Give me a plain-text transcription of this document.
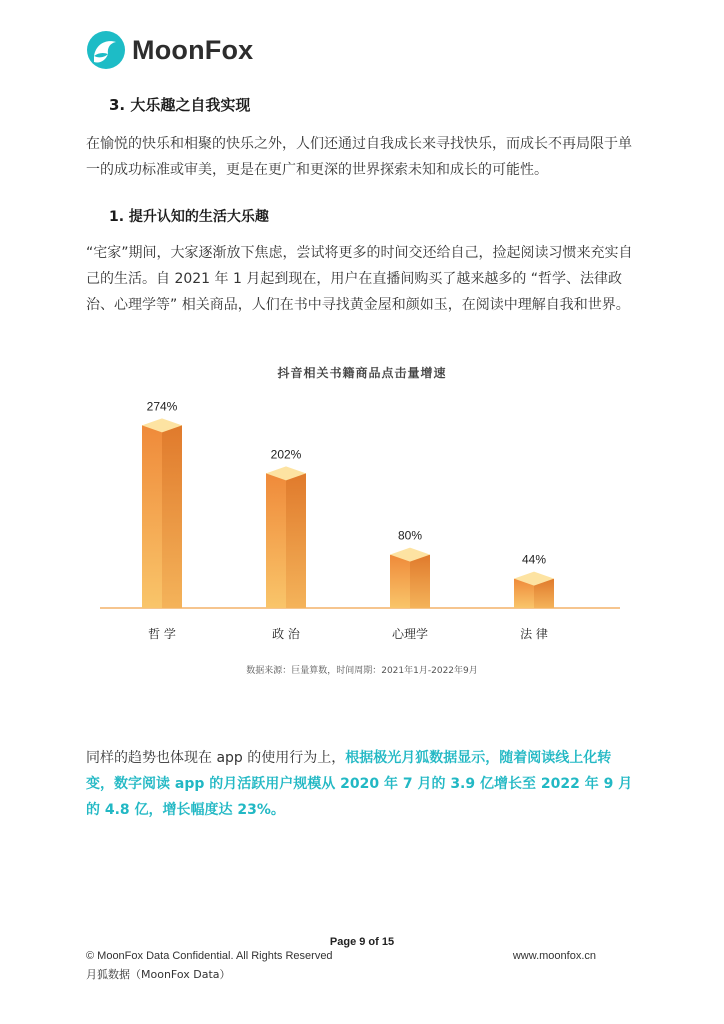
MoonFox
3. 大乐趣之自我实现
在愉悦的快乐和相聚的快乐之外，人们还通过自我成长来寻找快乐，而成长不再局限于单一的成功标准或审美，更是在更广和更深的世界探索未知和成长的可能性。
1. 提升认知的生活大乐趣
“宅家”期间，大家逐渐放下焦虑，尝试将更多的时间交还给自己，捡起阅读习惯来充实自己的生活。自 2021 年 1 月起到现在，用户在直播间购买了越来越多的 “哲学、法律政治、心理学等” 相关商品，人们在书中寻找黄金屋和颜如玉，在阅读中理解自我和世界。
抖音相关书籍商品点击量增速
274%
哲 学
202%
政 治
80%
心理学
44%
法 律
数据来源：巨量算数，时间周期：2021年1月-2022年9月
同样的趋势也体现在 app 的使用行为上，根据极光月狐数据显示，随着阅读线上化转变，数字阅读 app 的月活跃用户规模从 2020 年 7 月的 3.9 亿增长至 2022 年 9 月的 4.8 亿，增长幅度达 23%。
Page 9 of 15
© MoonFox Data Confidential. All Rights Reserved	www.moonfox.cn
月狐数据（MoonFox Data）
